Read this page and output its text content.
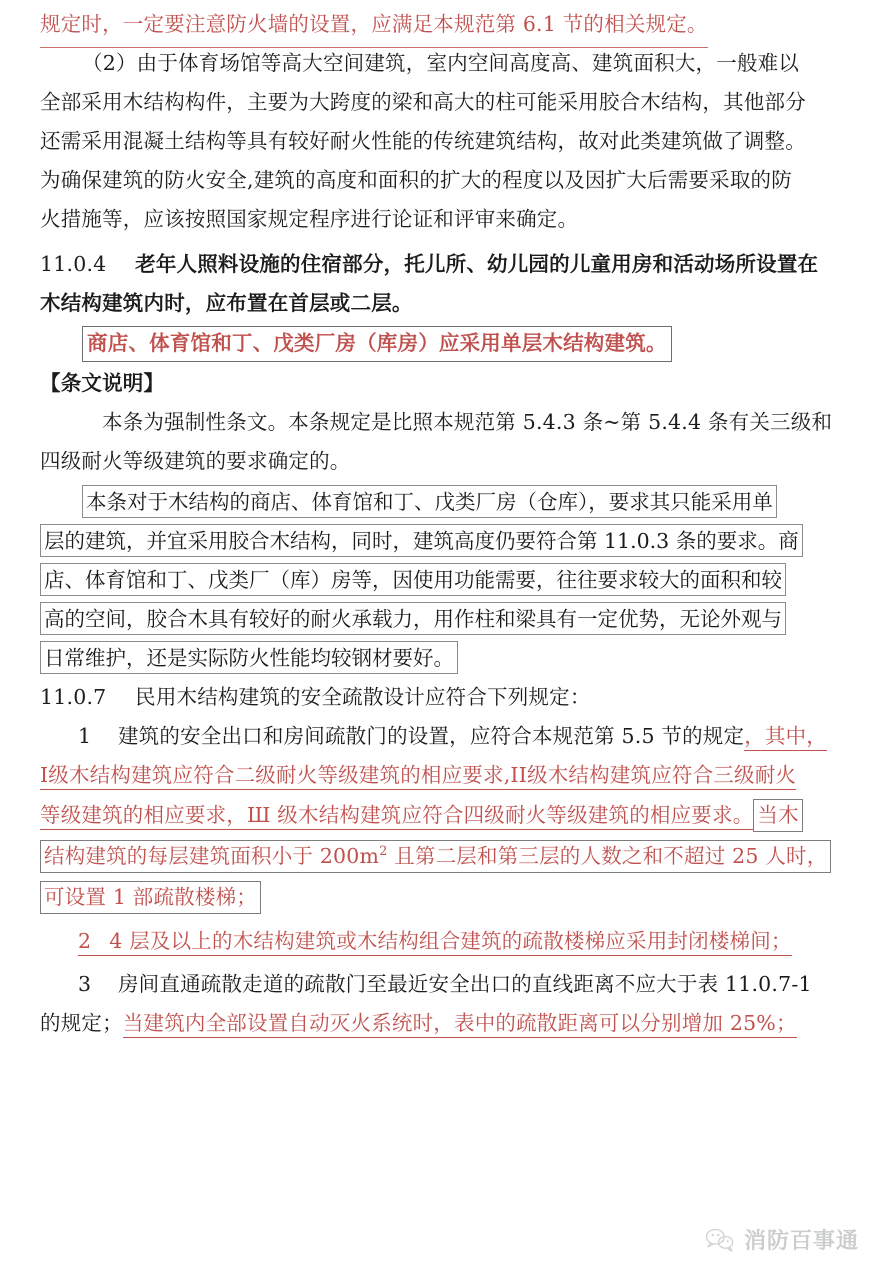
规定时，一定要注意防火墙的设置，应满足本规范第 6.1 节的相关规定。
（2）由于体育场馆等高大空间建筑，室内空间高度高、建筑面积大，一般难以
全部采用木结构构件，主要为大跨度的梁和高大的柱可能采用胶合木结构，其他部分
还需采用混凝土结构等具有较好耐火性能的传统建筑结构，故对此类建筑做了调整。
为确保建筑的防火安全,建筑的高度和面积的扩大的程度以及因扩大后需要采取的防
火措施等，应该按照国家规定程序进行论证和评审来确定。
11.0.4 老年人照料设施的住宿部分，托儿所、幼儿园的儿童用房和活动场所设置在
木结构建筑内时，应布置在首层或二层。
商店、体育馆和丁、戊类厂房（库房）应采用单层木结构建筑。
【条文说明】
本条为强制性条文。本条规定是比照本规范第 5.4.3 条~第 5.4.4 条有关三级和
四级耐火等级建筑的要求确定的。
本条对于木结构的商店、体育馆和丁、戊类厂房（仓库），要求其只能采用单
层的建筑，并宜采用胶合木结构，同时，建筑高度仍要符合第 11.0.3 条的要求。商
店、体育馆和丁、戊类厂（库）房等，因使用功能需要，往往要求较大的面积和较
高的空间，胶合木具有较好的耐火承载力，用作柱和梁具有一定优势，无论外观与
日常维护，还是实际防火性能均较钢材要好。
11.0.7 民用木结构建筑的安全疏散设计应符合下列规定：
1 建筑的安全出口和房间疏散门的设置，应符合本规范第 5.5 节的规定，其中，
I级木结构建筑应符合二级耐火等级建筑的相应要求,II级木结构建筑应符合三级耐火
等级建筑的相应要求，Ш 级木结构建筑应符合四级耐火等级建筑的相应要求。 当木
结构建筑的每层建筑面积小于 $200m^2$ 且第二层和第三层的人数之和不超过 25 人时，
可设置 1 部疏散楼梯；
2 4 层及以上的木结构建筑或木结构组合建筑的疏散楼梯应采用封闭楼梯间；
3 房间直通疏散走道的疏散门至最近安全出口的直线距离不应大于表 11.0.7-1
的规定；当建筑内全部设置自动灭火系统时，表中的疏散距离可以分别增加 25%；
消防百事通
